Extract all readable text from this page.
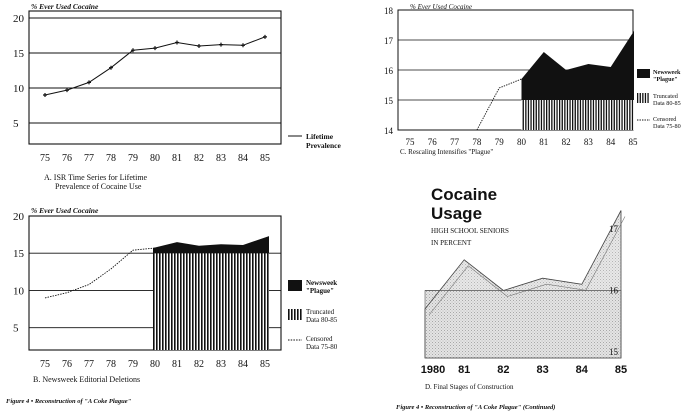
% Ever Used Cocaine
5
10
15
20
75 76 77 78 79 80 81 82 83 84 85
Lifetime
Prevalence
A. ISR Time Series for Lifetime
Prevalence of Cocaine Use
% Ever Used Cocaine
5
10
15
20
75 76 77 78 79 80 81 82 83 84 85
Newsweek
"Plague"
Truncated
Data 80-85
Censored
Data 75-80
B. Newsweek Editorial Deletions
% Ever Used Cocaine
14
15
16
17
18
75 76 77 78 79 80 81 82 83 84 85
Newsweek
"Plague"
Truncated
Data 80-85
Censored
Data 75-80
C. Rescaling Intensifies "Plague"
Cocaine
Usage
HIGH SCHOOL SENIORS
IN PERCENT
15
16
17
1980 81 82 83 84 85
D. Final Stages of Construction
Figure 4 • Reconstruction of "A Coke Plague"
Figure 4 • Reconstruction of "A Coke Plague" (Continued)
